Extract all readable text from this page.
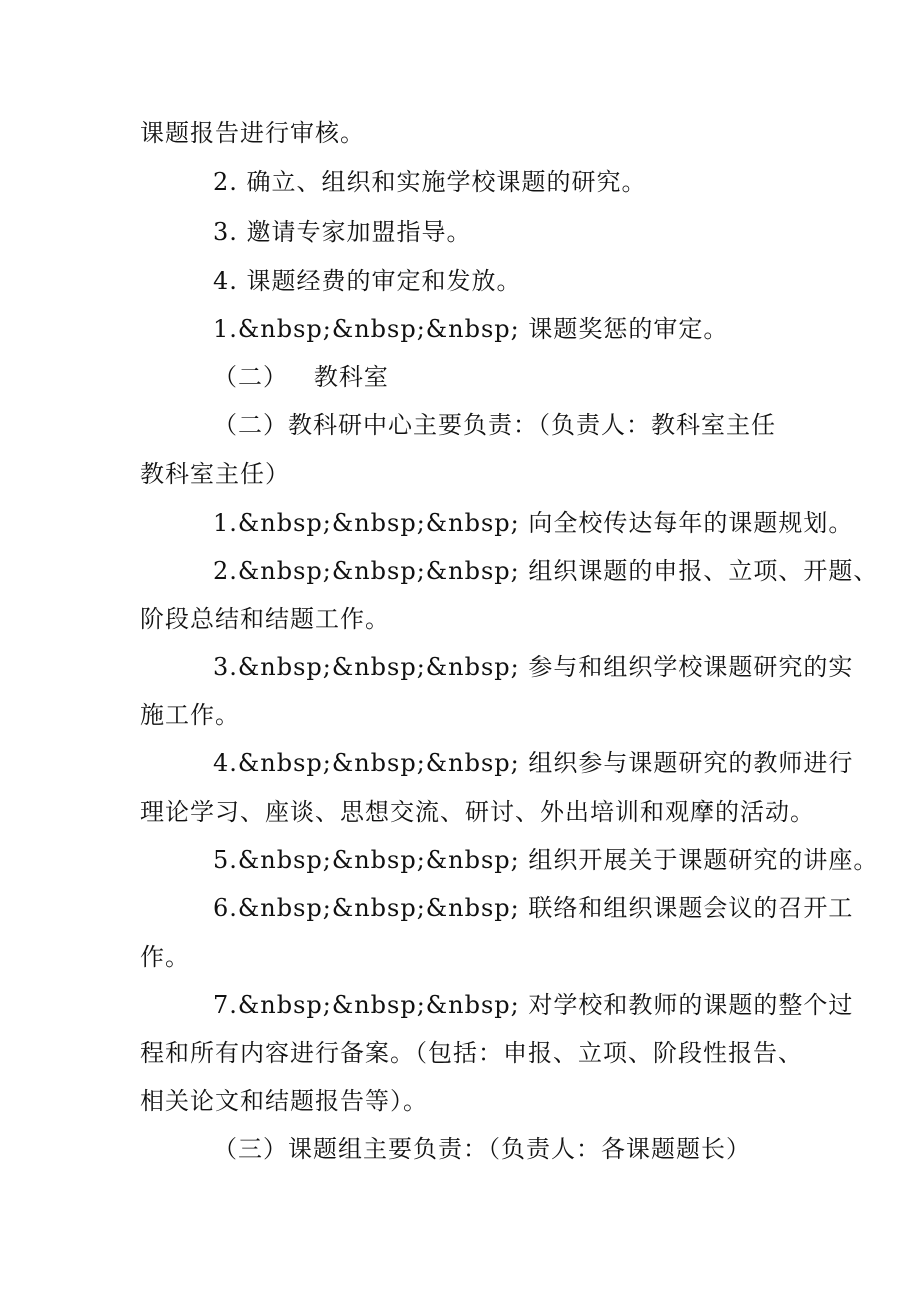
课题报告进行审核。

2. 确立、组织和实施学校课题的研究。

3. 邀请专家加盟指导。

4. 课题经费的审定和发放。

1.&nbsp;&nbsp;&nbsp; 课题奖惩的审定。

（二）   教科室

（二）教科研中心主要负责：（负责人：教科室主任

教科室主任）

1.&nbsp;&nbsp;&nbsp; 向全校传达每年的课题规划。

2.&nbsp;&nbsp;&nbsp; 组织课题的申报、立项、开题、

阶段总结和结题工作。

3.&nbsp;&nbsp;&nbsp; 参与和组织学校课题研究的实

施工作。

4.&nbsp;&nbsp;&nbsp; 组织参与课题研究的教师进行

理论学习、座谈、思想交流、研讨、外出培训和观摩的活动。

5.&nbsp;&nbsp;&nbsp; 组织开展关于课题研究的讲座。

6.&nbsp;&nbsp;&nbsp; 联络和组织课题会议的召开工

作。

7.&nbsp;&nbsp;&nbsp; 对学校和教师的课题的整个过

程和所有内容进行备案。（包括：申报、立项、阶段性报告、

相关论文和结题报告等）。

（三）课题组主要负责：（负责人：各课题题长）
